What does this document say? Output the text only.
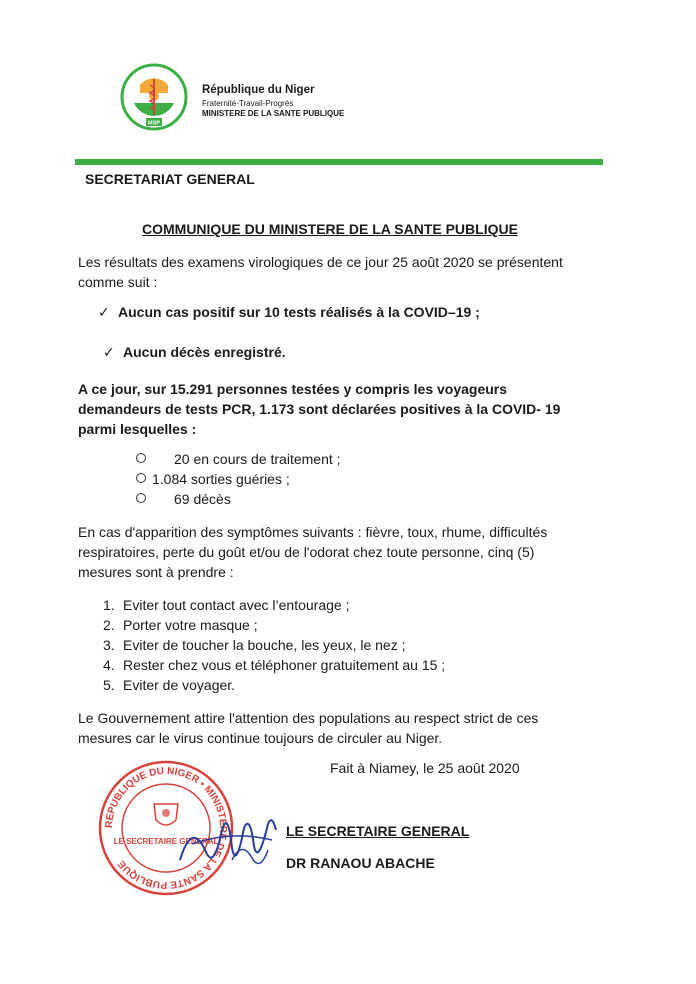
MSP
République du Niger
Fraternité-Travail-Progrès
MINISTERE DE LA SANTE PUBLIQUE
SECRETARIAT GENERAL
COMMUNIQUE DU MINISTERE DE LA SANTE PUBLIQUE
Les résultats des examens virologiques de ce jour 25 août 2020 se présentent
comme suit :
✓ Aucun cas positif sur 10 tests réalisés à la COVID–19 ;
✓ Aucun décès enregistré.
A ce jour, sur 15.291 personnes testées y compris les voyageurs
demandeurs de tests PCR, 1.173 sont déclarées positives à la COVID- 19
parmi lesquelles :
20 en cours de traitement ;
1.084 sorties guéries ;
69 décès
En cas d'apparition des symptômes suivants : fièvre, toux, rhume, difficultés
respiratoires, perte du goût et/ou de l'odorat chez toute personne, cinq (5)
mesures sont à prendre :
1. Eviter tout contact avec l’entourage ;
2. Porter votre masque ;
3. Eviter de toucher la bouche, les yeux, le nez ;
4. Rester chez vous et téléphoner gratuitement au 15 ;
5. Eviter de voyager.
Le Gouvernement attire l'attention des populations au respect strict de ces
mesures car le virus continue toujours de circuler au Niger.
Fait à Niamey, le 25 août 2020
REPUBLIQUE DU NIGER • MINISTERE DE LA SANTE PUBLIQUE
LE SECRETAIRE GENERAL
LE SECRETAIRE GENERAL
DR RANAOU ABACHE
